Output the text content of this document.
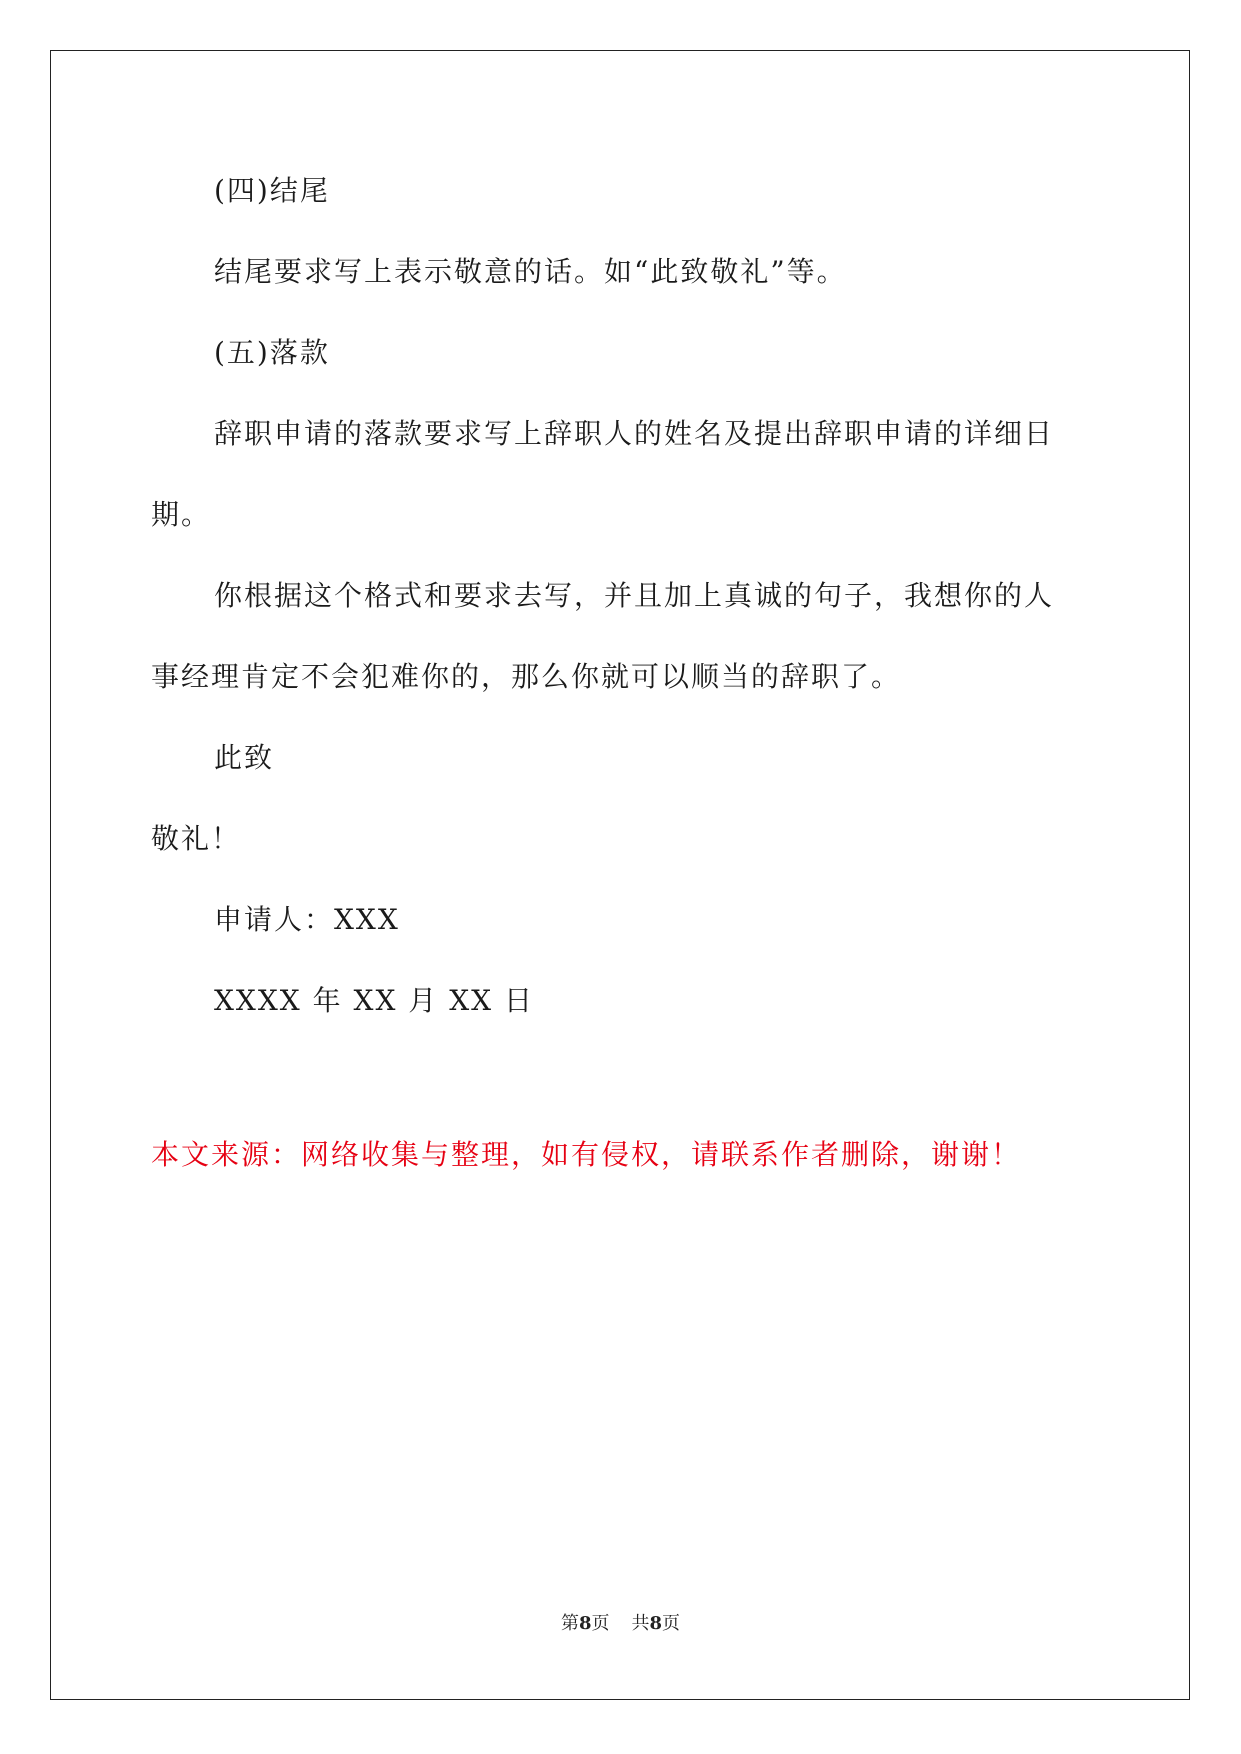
(四)结尾
结尾要求写上表示敬意的话。如“此致敬礼”等。
(五)落款
辞职申请的落款要求写上辞职人的姓名及提出辞职申请的详细日
期。
你根据这个格式和要求去写，并且加上真诚的句子，我想你的人
事经理肯定不会犯难你的，那么你就可以顺当的辞职了。
此致
敬礼！
申请人：XXX
XXXX 年 XX 月 XX 日
本文来源：网络收集与整理，如有侵权，请联系作者删除，谢谢！
第8页 共8页
